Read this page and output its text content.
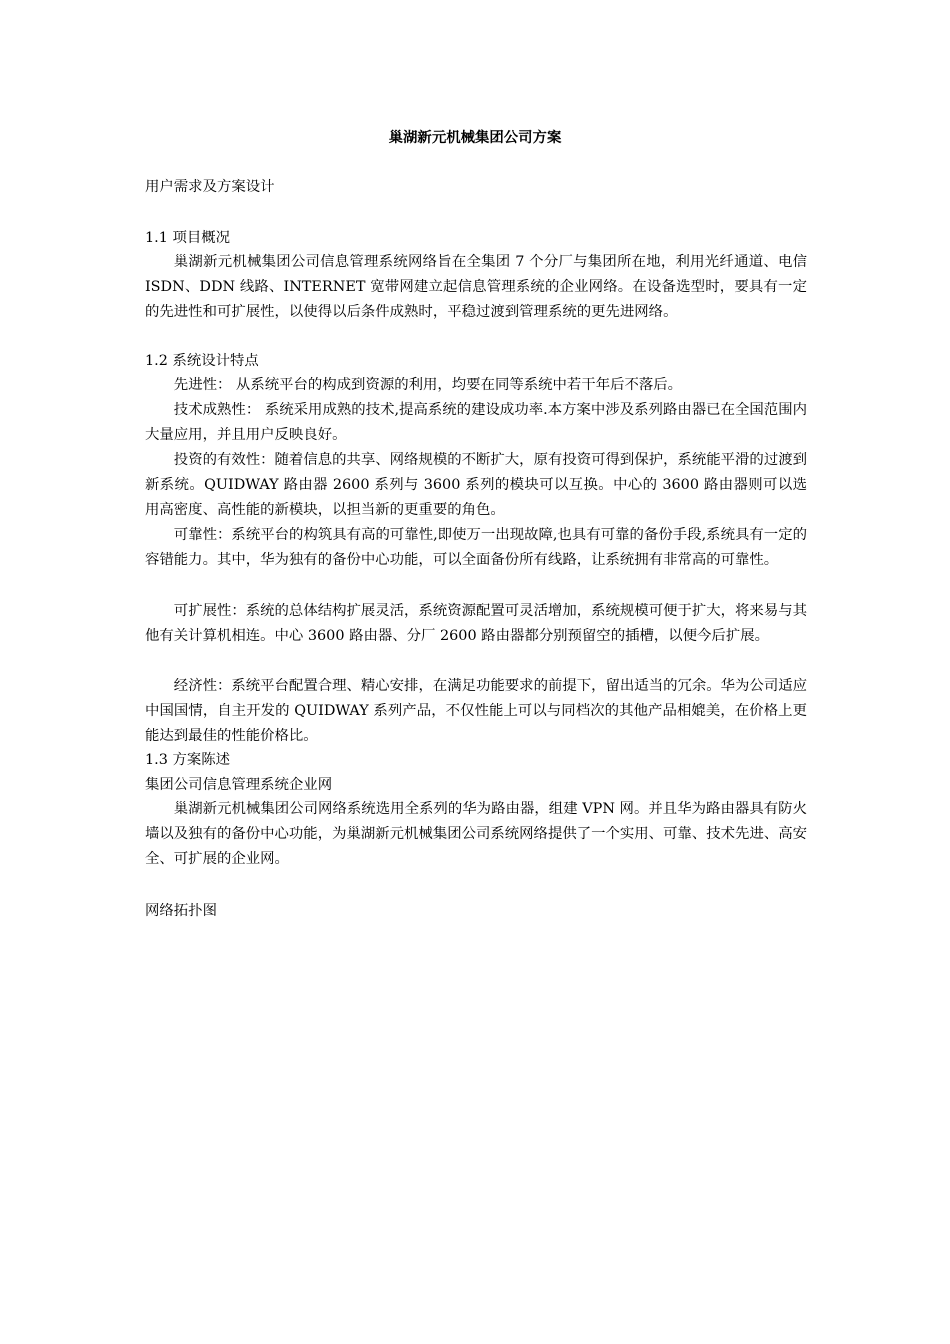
巢湖新元机械集团公司方案
用户需求及方案设计
1.1 项目概况
巢湖新元机械集团公司信息管理系统网络旨在全集团 7 个分厂与集团所在地，利用光纤通道、电信 ISDN、DDN 线路、INTERNET 宽带网建立起信息管理系统的企业网络。在设备选型时，要具有一定的先进性和可扩展性，以使得以后条件成熟时，平稳过渡到管理系统的更先进网络。
1.2 系统设计特点
先进性： 从系统平台的构成到资源的利用，均要在同等系统中若干年后不落后。
技术成熟性： 系统采用成熟的技术,提高系统的建设成功率.本方案中涉及系列路由器已在全国范围内大量应用，并且用户反映良好。
投资的有效性：随着信息的共享、网络规模的不断扩大，原有投资可得到保护，系统能平滑的过渡到新系统。QUIDWAY 路由器 2600 系列与 3600 系列的模块可以互换。中心的 3600 路由器则可以选用高密度、高性能的新模块，以担当新的更重要的角色。
可靠性：系统平台的构筑具有高的可靠性,即使万一出现故障,也具有可靠的备份手段,系统具有一定的容错能力。其中，华为独有的备份中心功能，可以全面备份所有线路，让系统拥有非常高的可靠性。
可扩展性：系统的总体结构扩展灵活，系统资源配置可灵活增加，系统规模可便于扩大，将来易与其他有关计算机相连。中心 3600 路由器、分厂 2600 路由器都分别预留空的插槽，以便今后扩展。
经济性：系统平台配置合理、精心安排，在满足功能要求的前提下，留出适当的冗余。华为公司适应中国国情，自主开发的 QUIDWAY 系列产品，不仅性能上可以与同档次的其他产品相媲美，在价格上更能达到最佳的性能价格比。
1.3 方案陈述
集团公司信息管理系统企业网
巢湖新元机械集团公司网络系统选用全系列的华为路由器，组建 VPN 网。并且华为路由器具有防火墙以及独有的备份中心功能，为巢湖新元机械集团公司系统网络提供了一个实用、可靠、技术先进、高安全、可扩展的企业网。
网络拓扑图
